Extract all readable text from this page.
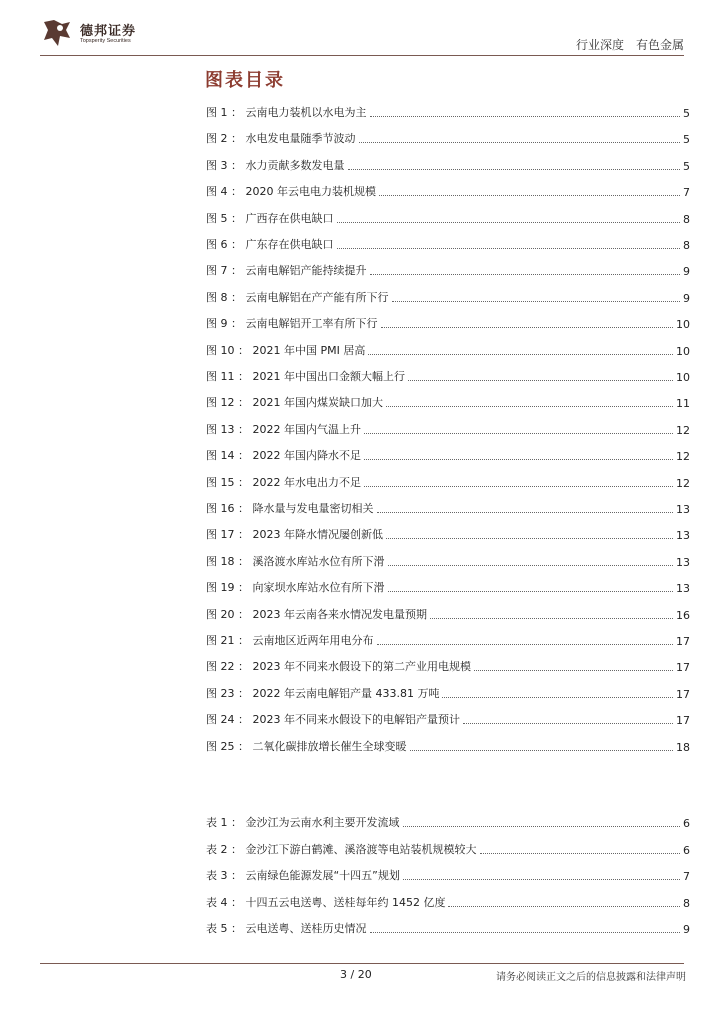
德邦证券
Topsperity Securities	行业深度 有色金属
图表目录
图 1 ： 云南电力装机以水电为主	5
图 2 ： 水电发电量随季节波动	5
图 3 ： 水力贡献多数发电量	5
图 4 ： 2020 年云电电力装机规模	7
图 5 ： 广西存在供电缺口	8
图 6 ： 广东存在供电缺口	8
图 7 ： 云南电解铝产能持续提升	9
图 8 ： 云南电解铝在产产能有所下行	9
图 9 ： 云南电解铝开工率有所下行	10
图 10 ： 2021 年中国 PMI 居高	10
图 11 ： 2021 年中国出口金额大幅上行	10
图 12 ： 2021 年国内煤炭缺口加大	11
图 13 ： 2022 年国内气温上升	12
图 14 ： 2022 年国内降水不足	12
图 15 ： 2022 年水电出力不足	12
图 16 ： 降水量与发电量密切相关	13
图 17 ： 2023 年降水情况屡创新低	13
图 18 ： 溪洛渡水库站水位有所下滑	13
图 19 ： 向家坝水库站水位有所下滑	13
图 20 ： 2023 年云南各来水情况发电量预期	16
图 21 ： 云南地区近两年用电分布	17
图 22 ： 2023 年不同来水假设下的第二产业用电规模	17
图 23 ： 2022 年云南电解铝产量 433.81 万吨	17
图 24 ： 2023 年不同来水假设下的电解铝产量预计	17
图 25 ： 二氧化碳排放增长催生全球变暖	18
表 1 ： 金沙江为云南水利主要开发流域	6
表 2 ： 金沙江下游白鹤滩、溪洛渡等电站装机规模较大	6
表 3 ： 云南绿色能源发展“十四五”规划	7
表 4 ： 十四五云电送粤、送桂每年约 1452 亿度	8
表 5 ： 云电送粤、送桂历史情况	9
3 / 20	请务必阅读正文之后的信息披露和法律声明
